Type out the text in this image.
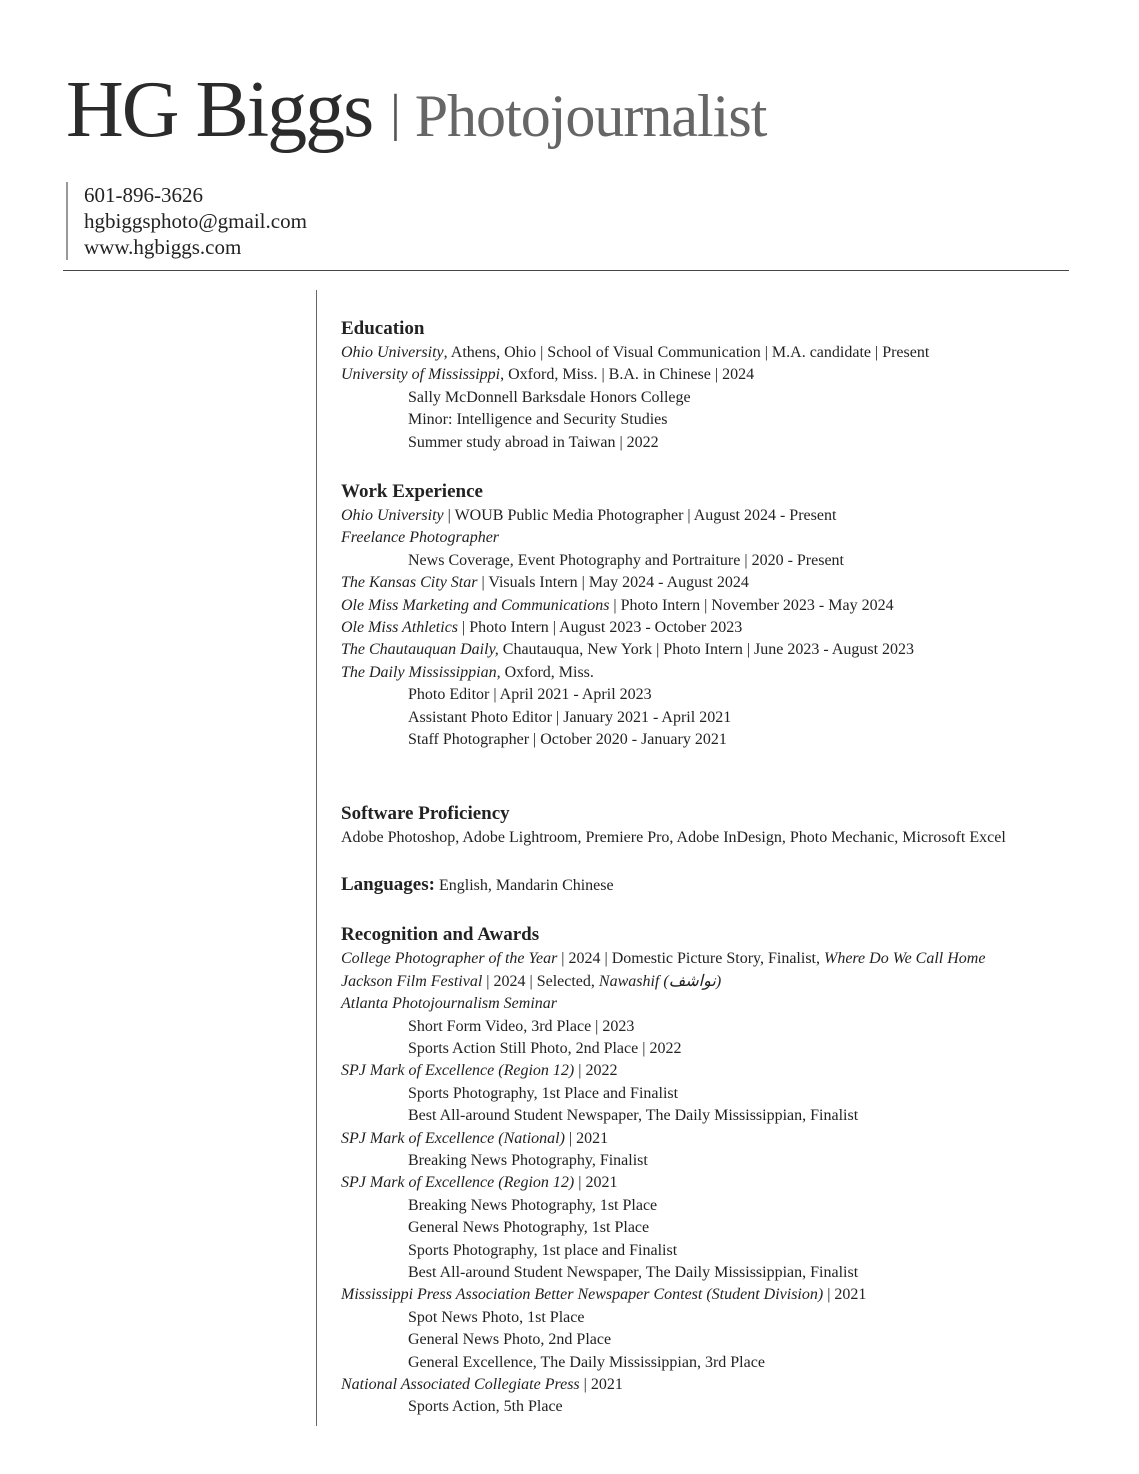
HG Biggs | Photojournalist
601-896-3626
hgbiggsphoto@gmail.com
www.hgbiggs.com
Education
Ohio University, Athens, Ohio | School of Visual Communication | M.A. candidate | Present
University of Mississippi, Oxford, Miss. | B.A. in Chinese | 2024
Sally McDonnell Barksdale Honors College
Minor: Intelligence and Security Studies
Summer study abroad in Taiwan | 2022
Work Experience
Ohio University | WOUB Public Media Photographer | August 2024 - Present
Freelance Photographer
News Coverage, Event Photography and Portraiture | 2020 - Present
The Kansas City Star | Visuals Intern | May 2024 - August 2024
Ole Miss Marketing and Communications | Photo Intern | November 2023 - May 2024
Ole Miss Athletics | Photo Intern | August 2023 - October 2023
The Chautauquan Daily, Chautauqua, New York | Photo Intern | June 2023 - August 2023
The Daily Mississippian, Oxford, Miss.
Photo Editor | April 2021 - April 2023
Assistant Photo Editor | January 2021 - April 2021
Staff Photographer | October 2020 - January 2021
Software Proficiency
Adobe Photoshop, Adobe Lightroom, Premiere Pro, Adobe InDesign, Photo Mechanic, Microsoft Excel
Languages: English, Mandarin Chinese
Recognition and Awards
College Photographer of the Year | 2024 | Domestic Picture Story, Finalist, Where Do We Call Home
Jackson Film Festival | 2024 | Selected, Nawashif (نواشف)
Atlanta Photojournalism Seminar
Short Form Video, 3rd Place | 2023
Sports Action Still Photo, 2nd Place | 2022
SPJ Mark of Excellence (Region 12) | 2022
Sports Photography, 1st Place and Finalist
Best All-around Student Newspaper, The Daily Mississippian, Finalist
SPJ Mark of Excellence (National) | 2021
Breaking News Photography, Finalist
SPJ Mark of Excellence (Region 12) | 2021
Breaking News Photography, 1st Place
General News Photography, 1st Place
Sports Photography, 1st place and Finalist
Best All-around Student Newspaper, The Daily Mississippian, Finalist
Mississippi Press Association Better Newspaper Contest (Student Division) | 2021
Spot News Photo, 1st Place
General News Photo, 2nd Place
General Excellence, The Daily Mississippian, 3rd Place
National Associated Collegiate Press | 2021
Sports Action, 5th Place
